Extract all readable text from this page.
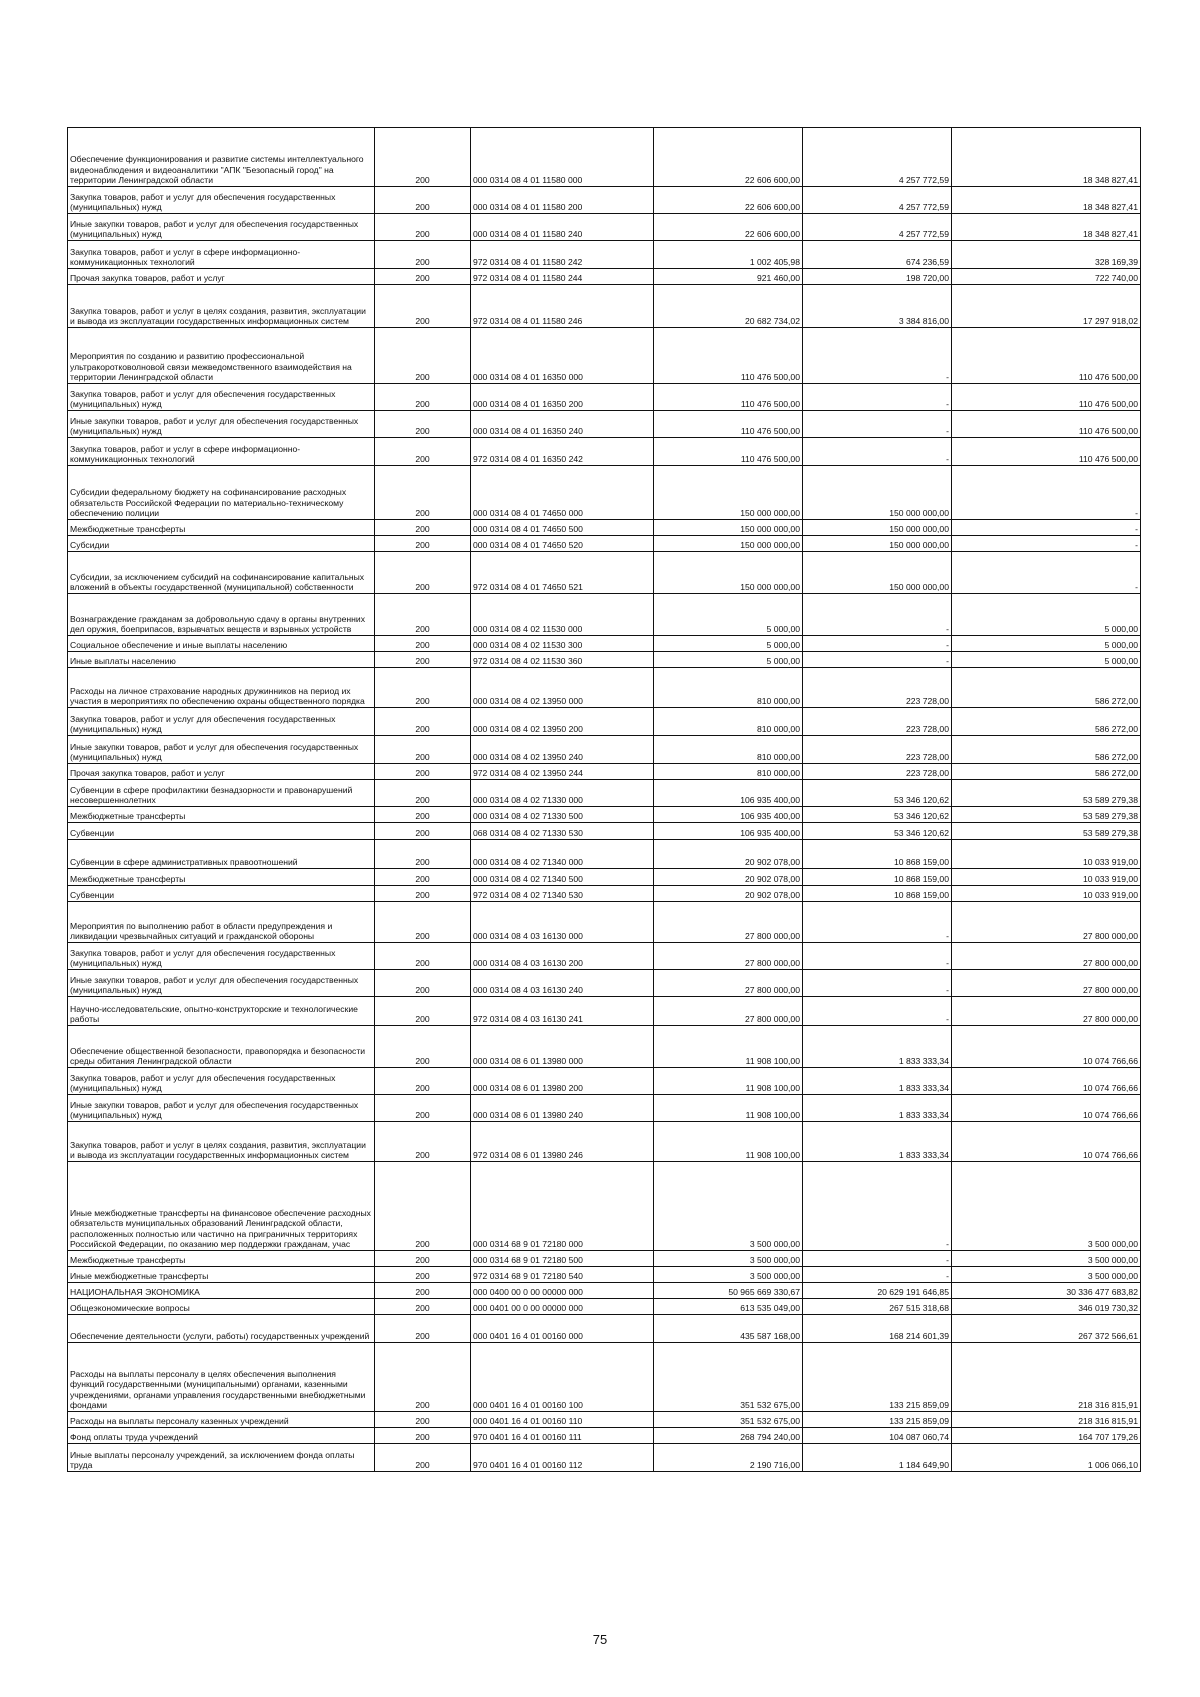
Обеспечение функционирования и развитие системы интеллектуального видеонаблюдения и видеоаналитики "АПК "Безопасный город" на территории Ленинградской области	200	000 0314 08 4 01 11580 000	22 606 600,00	4 257 772,59	18 348 827,41

Закупка товаров, работ и услуг для обеспечения государственных (муниципальных) нужд	200	000 0314 08 4 01 11580 200	22 606 600,00	4 257 772,59	18 348 827,41

Иные закупки товаров, работ и услуг для обеспечения государственных (муниципальных) нужд	200	000 0314 08 4 01 11580 240	22 606 600,00	4 257 772,59	18 348 827,41

Закупка товаров, работ и услуг в сфере информационно-коммуникационных технологий	200	972 0314 08 4 01 11580 242	1 002 405,98	674 236,59	328 169,39

Прочая закупка товаров, работ и услуг	200	972 0314 08 4 01 11580 244	921 460,00	198 720,00	722 740,00

Закупка товаров, работ и услуг в целях создания, развития, эксплуатации и вывода из эксплуатации государственных информационных систем	200	972 0314 08 4 01 11580 246	20 682 734,02	3 384 816,00	17 297 918,02

Мероприятия по созданию и развитию профессиональной ультракоротковолновой связи межведомственного взаимодействия на территории Ленинградской области	200	000 0314 08 4 01 16350 000	110 476 500,00	-	110 476 500,00

Закупка товаров, работ и услуг для обеспечения государственных (муниципальных) нужд	200	000 0314 08 4 01 16350 200	110 476 500,00	-	110 476 500,00

Иные закупки товаров, работ и услуг для обеспечения государственных (муниципальных) нужд	200	000 0314 08 4 01 16350 240	110 476 500,00	-	110 476 500,00

Закупка товаров, работ и услуг в сфере информационно-коммуникационных технологий	200	972 0314 08 4 01 16350 242	110 476 500,00	-	110 476 500,00

Субсидии федеральному бюджету на софинансирование расходных обязательств Российской Федерации по материально-техническому обеспечению полиции	200	000 0314 08 4 01 74650 000	150 000 000,00	150 000 000,00	-

Межбюджетные трансферты	200	000 0314 08 4 01 74650 500	150 000 000,00	150 000 000,00	-

Субсидии	200	000 0314 08 4 01 74650 520	150 000 000,00	150 000 000,00	-

Субсидии, за исключением субсидий на софинансирование капитальных вложений в объекты государственной (муниципальной) собственности	200	972 0314 08 4 01 74650 521	150 000 000,00	150 000 000,00	-

Вознаграждение гражданам за добровольную сдачу в органы внутренних дел оружия, боеприпасов, взрывчатых веществ и взрывных устройств	200	000 0314 08 4 02 11530 000	5 000,00	-	5 000,00

Социальное обеспечение и иные выплаты населению	200	000 0314 08 4 02 11530 300	5 000,00	-	5 000,00

Иные выплаты населению	200	972 0314 08 4 02 11530 360	5 000,00	-	5 000,00

Расходы на личное страхование народных дружинников на период их участия в мероприятиях по обеспечению охраны общественного порядка	200	000 0314 08 4 02 13950 000	810 000,00	223 728,00	586 272,00

Закупка товаров, работ и услуг для обеспечения государственных (муниципальных) нужд	200	000 0314 08 4 02 13950 200	810 000,00	223 728,00	586 272,00

Иные закупки товаров, работ и услуг для обеспечения государственных (муниципальных) нужд	200	000 0314 08 4 02 13950 240	810 000,00	223 728,00	586 272,00

Прочая закупка товаров, работ и услуг	200	972 0314 08 4 02 13950 244	810 000,00	223 728,00	586 272,00

Субвенции в сфере профилактики безнадзорности и правонарушений несовершеннолетних	200	000 0314 08 4 02 71330 000	106 935 400,00	53 346 120,62	53 589 279,38

Межбюджетные трансферты	200	000 0314 08 4 02 71330 500	106 935 400,00	53 346 120,62	53 589 279,38

Субвенции	200	068 0314 08 4 02 71330 530	106 935 400,00	53 346 120,62	53 589 279,38

Субвенции в сфере административных правоотношений	200	000 0314 08 4 02 71340 000	20 902 078,00	10 868 159,00	10 033 919,00

Межбюджетные трансферты	200	000 0314 08 4 02 71340 500	20 902 078,00	10 868 159,00	10 033 919,00

Субвенции	200	972 0314 08 4 02 71340 530	20 902 078,00	10 868 159,00	10 033 919,00

Мероприятия по выполнению работ в области предупреждения и ликвидации чрезвычайных ситуаций и гражданской обороны	200	000 0314 08 4 03 16130 000	27 800 000,00	-	27 800 000,00

Закупка товаров, работ и услуг для обеспечения государственных (муниципальных) нужд	200	000 0314 08 4 03 16130 200	27 800 000,00	-	27 800 000,00

Иные закупки товаров, работ и услуг для обеспечения государственных (муниципальных) нужд	200	000 0314 08 4 03 16130 240	27 800 000,00	-	27 800 000,00

Научно-исследовательские, опытно-конструкторские и технологические работы	200	972 0314 08 4 03 16130 241	27 800 000,00	-	27 800 000,00

Обеспечение общественной безопасности, правопорядка и безопасности среды обитания Ленинградской области	200	000 0314 08 6 01 13980 000	11 908 100,00	1 833 333,34	10 074 766,66

Закупка товаров, работ и услуг для обеспечения государственных (муниципальных) нужд	200	000 0314 08 6 01 13980 200	11 908 100,00	1 833 333,34	10 074 766,66

Иные закупки товаров, работ и услуг для обеспечения государственных (муниципальных) нужд	200	000 0314 08 6 01 13980 240	11 908 100,00	1 833 333,34	10 074 766,66

Закупка товаров, работ и услуг в целях создания, развития, эксплуатации и вывода из эксплуатации государственных информационных систем	200	972 0314 08 6 01 13980 246	11 908 100,00	1 833 333,34	10 074 766,66

Иные межбюджетные трансферты на финансовое обеспечение расходных обязательств муниципальных образований Ленинградской области, расположенных полностью или частично на приграничных территориях Российской Федерации, по оказанию мер поддержки гражданам, учас	200	000 0314 68 9 01 72180 000	3 500 000,00	-	3 500 000,00

Межбюджетные трансферты	200	000 0314 68 9 01 72180 500	3 500 000,00	-	3 500 000,00

Иные межбюджетные трансферты	200	972 0314 68 9 01 72180 540	3 500 000,00	-	3 500 000,00

НАЦИОНАЛЬНАЯ ЭКОНОМИКА	200	000 0400 00 0 00 00000 000	50 965 669 330,67	20 629 191 646,85	30 336 477 683,82

Общеэкономические вопросы	200	000 0401 00 0 00 00000 000	613 535 049,00	267 515 318,68	346 019 730,32

Обеспечение деятельности (услуги, работы) государственных учреждений	200	000 0401 16 4 01 00160 000	435 587 168,00	168 214 601,39	267 372 566,61

Расходы на выплаты персоналу в целях обеспечения выполнения функций государственными (муниципальными) органами, казенными учреждениями, органами управления государственными внебюджетными фондами	200	000 0401 16 4 01 00160 100	351 532 675,00	133 215 859,09	218 316 815,91

Расходы на выплаты персоналу казенных учреждений	200	000 0401 16 4 01 00160 110	351 532 675,00	133 215 859,09	218 316 815,91

Фонд оплаты труда учреждений	200	970 0401 16 4 01 00160 111	268 794 240,00	104 087 060,74	164 707 179,26

Иные выплаты персоналу учреждений, за исключением фонда оплаты труда	200	970 0401 16 4 01 00160 112	2 190 716,00	1 184 649,90	1 006 066,10
75
